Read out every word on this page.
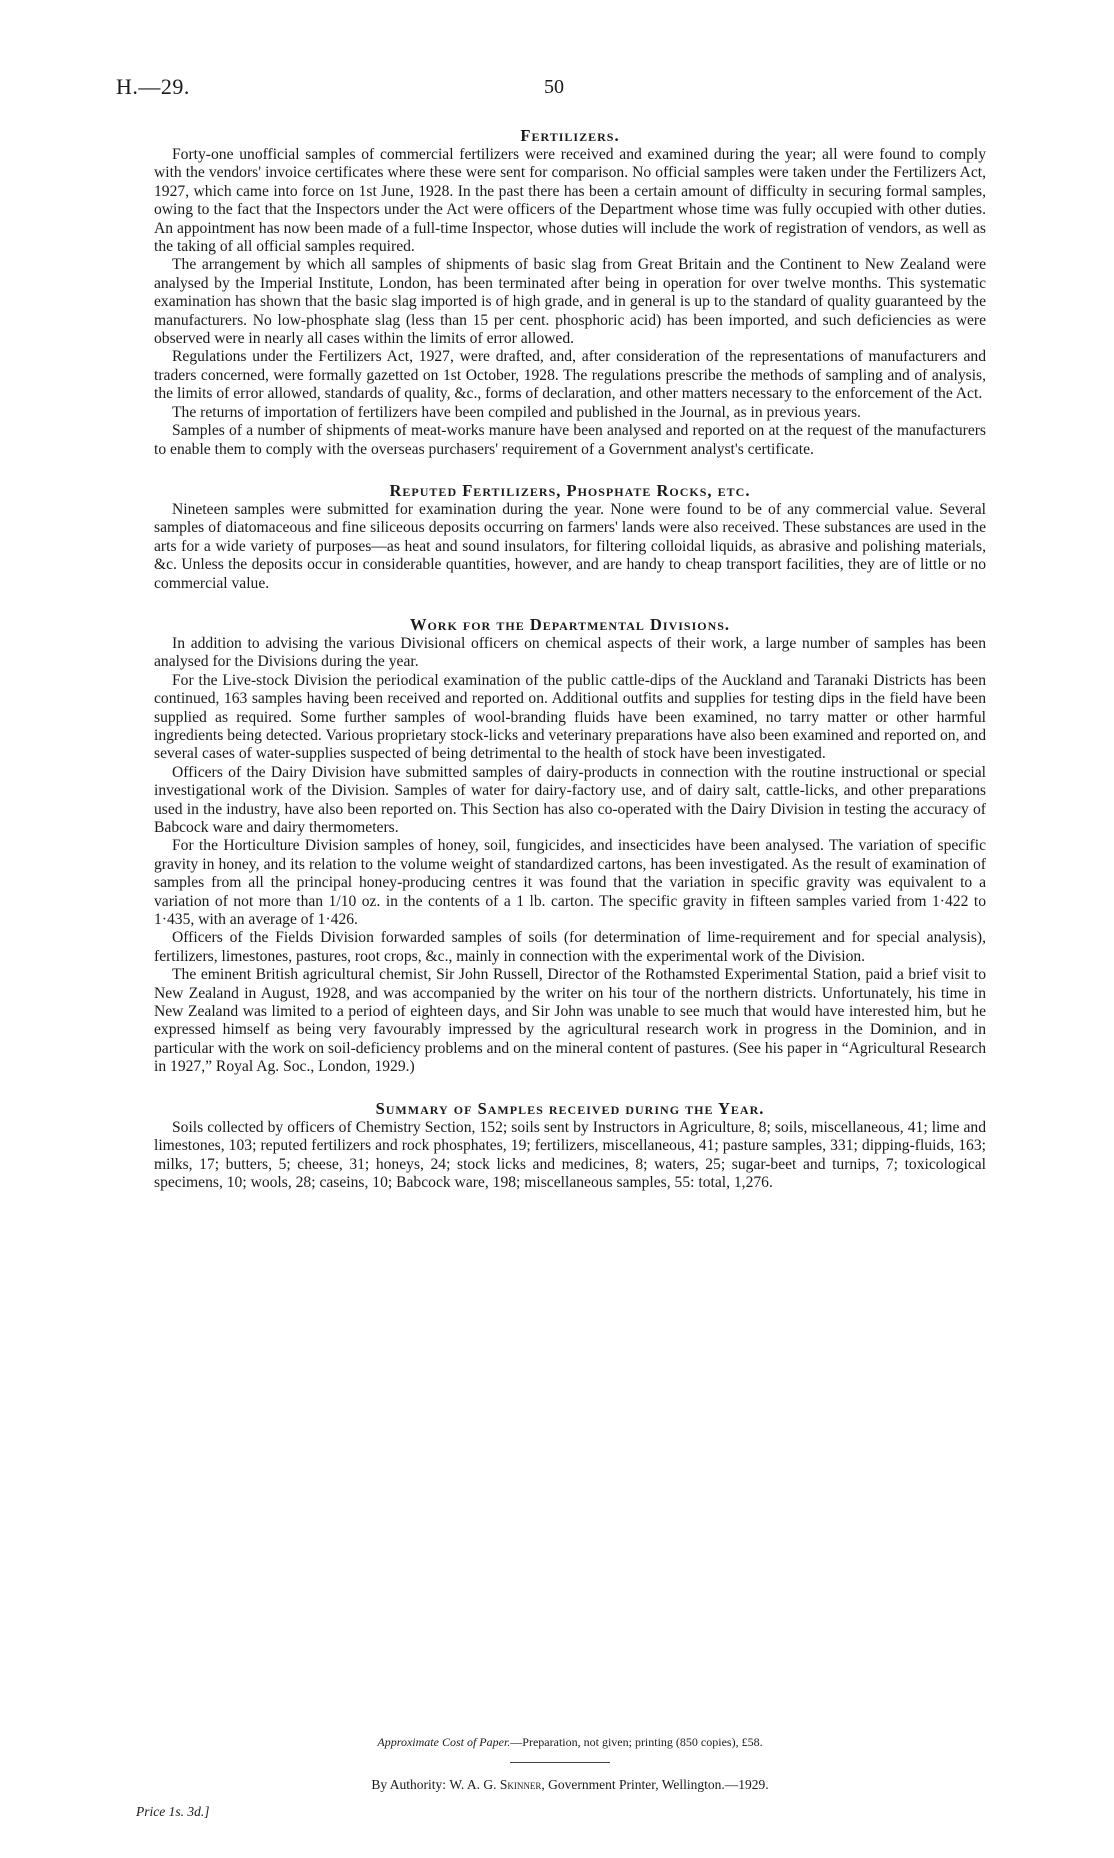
H.—29.	50
Fertilizers.

Forty-one unofficial samples of commercial fertilizers were received and examined during the year; all were found to comply with the vendors' invoice certificates where these were sent for comparison. No official samples were taken under the Fertilizers Act, 1927, which came into force on 1st June, 1928. In the past there has been a certain amount of difficulty in securing formal samples, owing to the fact that the Inspectors under the Act were officers of the Department whose time was fully occupied with other duties. An appointment has now been made of a full-time Inspector, whose duties will include the work of registration of vendors, as well as the taking of all official samples required.

The arrangement by which all samples of shipments of basic slag from Great Britain and the Continent to New Zealand were analysed by the Imperial Institute, London, has been terminated after being in operation for over twelve months. This systematic examination has shown that the basic slag imported is of high grade, and in general is up to the standard of quality guaranteed by the manufacturers. No low-phosphate slag (less than 15 per cent. phosphoric acid) has been imported, and such deficiencies as were observed were in nearly all cases within the limits of error allowed.

Regulations under the Fertilizers Act, 1927, were drafted, and, after consideration of the representations of manufacturers and traders concerned, were formally gazetted on 1st October, 1928. The regulations prescribe the methods of sampling and of analysis, the limits of error allowed, standards of quality, &c., forms of declaration, and other matters necessary to the enforcement of the Act.

The returns of importation of fertilizers have been compiled and published in the Journal, as in previous years.

Samples of a number of shipments of meat-works manure have been analysed and reported on at the request of the manufacturers to enable them to comply with the overseas purchasers' requirement of a Government analyst's certificate.

Reputed Fertilizers, Phosphate Rocks, etc.

Nineteen samples were submitted for examination during the year. None were found to be of any commercial value. Several samples of diatomaceous and fine siliceous deposits occurring on farmers' lands were also received. These substances are used in the arts for a wide variety of purposes—as heat and sound insulators, for filtering colloidal liquids, as abrasive and polishing materials, &c. Unless the deposits occur in considerable quantities, however, and are handy to cheap transport facilities, they are of little or no commercial value.

Work for the Departmental Divisions.

In addition to advising the various Divisional officers on chemical aspects of their work, a large number of samples has been analysed for the Divisions during the year.

For the Live-stock Division the periodical examination of the public cattle-dips of the Auckland and Taranaki Districts has been continued, 163 samples having been received and reported on. Additional outfits and supplies for testing dips in the field have been supplied as required. Some further samples of wool-branding fluids have been examined, no tarry matter or other harmful ingredients being detected. Various proprietary stock-licks and veterinary preparations have also been examined and reported on, and several cases of water-supplies suspected of being detrimental to the health of stock have been investigated.

Officers of the Dairy Division have submitted samples of dairy-products in connection with the routine instructional or special investigational work of the Division. Samples of water for dairy-factory use, and of dairy salt, cattle-licks, and other preparations used in the industry, have also been reported on. This Section has also co-operated with the Dairy Division in testing the accuracy of Babcock ware and dairy thermometers.

For the Horticulture Division samples of honey, soil, fungicides, and insecticides have been analysed. The variation of specific gravity in honey, and its relation to the volume weight of standardized cartons, has been investigated. As the result of examination of samples from all the principal honey-producing centres it was found that the variation in specific gravity was equivalent to a variation of not more than 1/10 oz. in the contents of a 1 lb. carton. The specific gravity in fifteen samples varied from 1·422 to 1·435, with an average of 1·426.

Officers of the Fields Division forwarded samples of soils (for determination of lime-requirement and for special analysis), fertilizers, limestones, pastures, root crops, &c., mainly in connection with the experimental work of the Division.

The eminent British agricultural chemist, Sir John Russell, Director of the Rothamsted Experimental Station, paid a brief visit to New Zealand in August, 1928, and was accompanied by the writer on his tour of the northern districts. Unfortunately, his time in New Zealand was limited to a period of eighteen days, and Sir John was unable to see much that would have interested him, but he expressed himself as being very favourably impressed by the agricultural research work in progress in the Dominion, and in particular with the work on soil-deficiency problems and on the mineral content of pastures. (See his paper in “Agricultural Research in 1927,” Royal Ag. Soc., London, 1929.)

Summary of Samples received during the Year.

Soils collected by officers of Chemistry Section, 152; soils sent by Instructors in Agriculture, 8; soils, miscellaneous, 41; lime and limestones, 103; reputed fertilizers and rock phosphates, 19; fertilizers, miscellaneous, 41; pasture samples, 331; dipping-fluids, 163; milks, 17; butters, 5; cheese, 31; honeys, 24; stock licks and medicines, 8; waters, 25; sugar-beet and turnips, 7; toxicological specimens, 10; wools, 28; caseins, 10; Babcock ware, 198; miscellaneous samples, 55: total, 1,276.

Approximate Cost of Paper.—Preparation, not given; printing (850 copies), £58.
By Authority: W. A. G. Skinner, Government Printer, Wellington.—1929.
Price 1s. 3d.]
